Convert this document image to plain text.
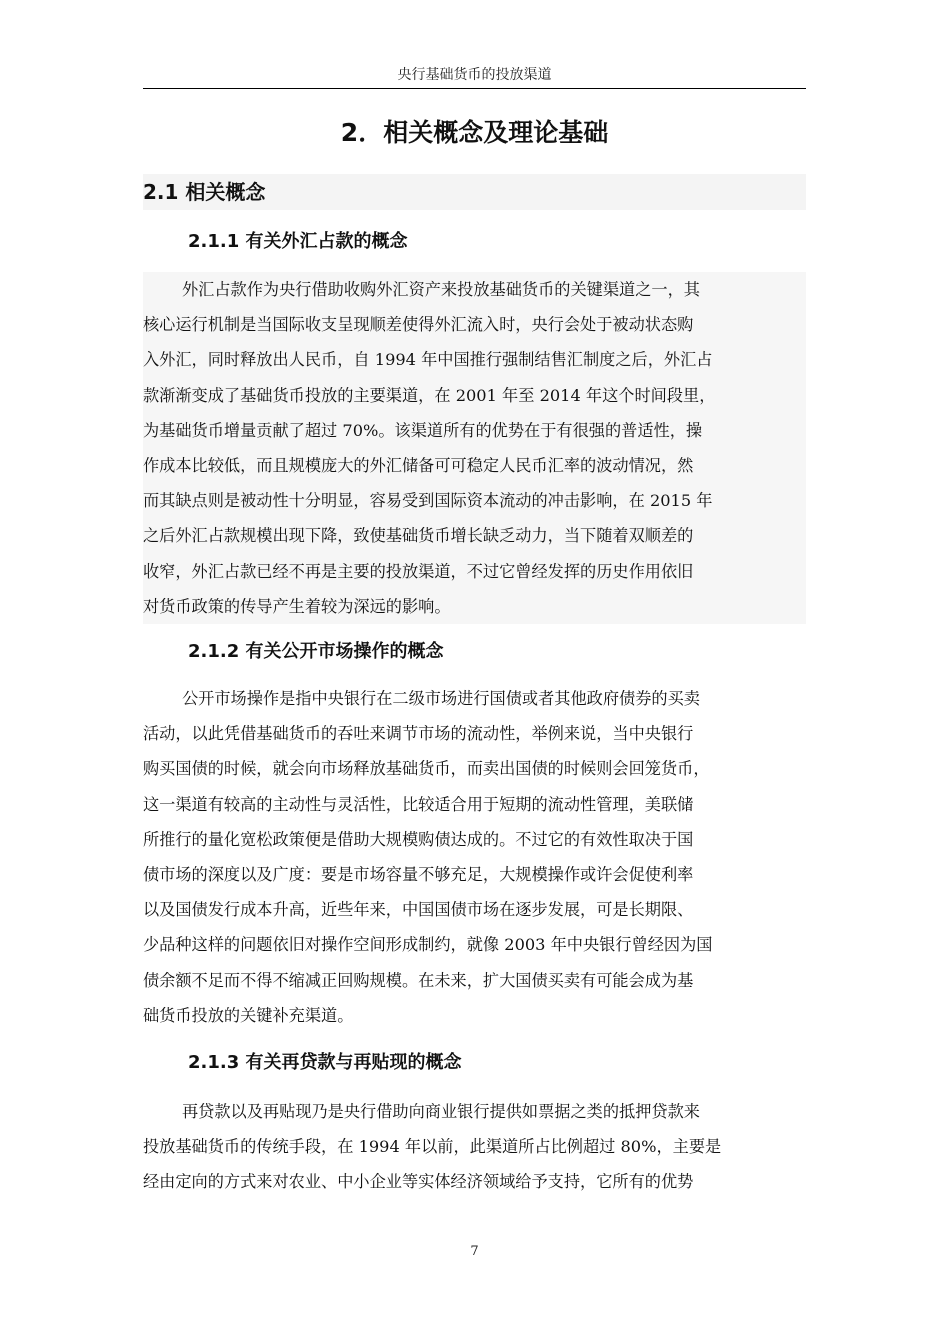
央行基础货币的投放渠道
2．相关概念及理论基础
2.1 相关概念
2.1.1 有关外汇占款的概念
外汇占款作为央行借助收购外汇资产来投放基础货币的关键渠道之一，其
核心运行机制是当国际收支呈现顺差使得外汇流入时，央行会处于被动状态购
入外汇，同时释放出人民币，自 1994 年中国推行强制结售汇制度之后，外汇占
款渐渐变成了基础货币投放的主要渠道，在 2001 年至 2014 年这个时间段里，
为基础货币增量贡献了超过 70%。该渠道所有的优势在于有很强的普适性，操
作成本比较低，而且规模庞大的外汇储备可可稳定人民币汇率的波动情况，然
而其缺点则是被动性十分明显，容易受到国际资本流动的冲击影响，在 2015 年
之后外汇占款规模出现下降，致使基础货币增长缺乏动力，当下随着双顺差的
收窄，外汇占款已经不再是主要的投放渠道，不过它曾经发挥的历史作用依旧
对货币政策的传导产生着较为深远的影响。
2.1.2 有关公开市场操作的概念
公开市场操作是指中央银行在二级市场进行国债或者其他政府债券的买卖
活动，以此凭借基础货币的吞吐来调节市场的流动性，举例来说，当中央银行
购买国债的时候，就会向市场释放基础货币，而卖出国债的时候则会回笼货币，
这一渠道有较高的主动性与灵活性，比较适合用于短期的流动性管理，美联储
所推行的量化宽松政策便是借助大规模购债达成的。不过它的有效性取决于国
债市场的深度以及广度：要是市场容量不够充足，大规模操作或许会促使利率
以及国债发行成本升高，近些年来，中国国债市场在逐步发展，可是长期限、
少品种这样的问题依旧对操作空间形成制约，就像 2003 年中央银行曾经因为国
债余额不足而不得不缩减正回购规模。在未来，扩大国债买卖有可能会成为基
础货币投放的关键补充渠道。
2.1.3 有关再贷款与再贴现的概念
再贷款以及再贴现乃是央行借助向商业银行提供如票据之类的抵押贷款来
投放基础货币的传统手段，在 1994 年以前，此渠道所占比例超过 80%，主要是
经由定向的方式来对农业、中小企业等实体经济领域给予支持，它所有的优势
7
